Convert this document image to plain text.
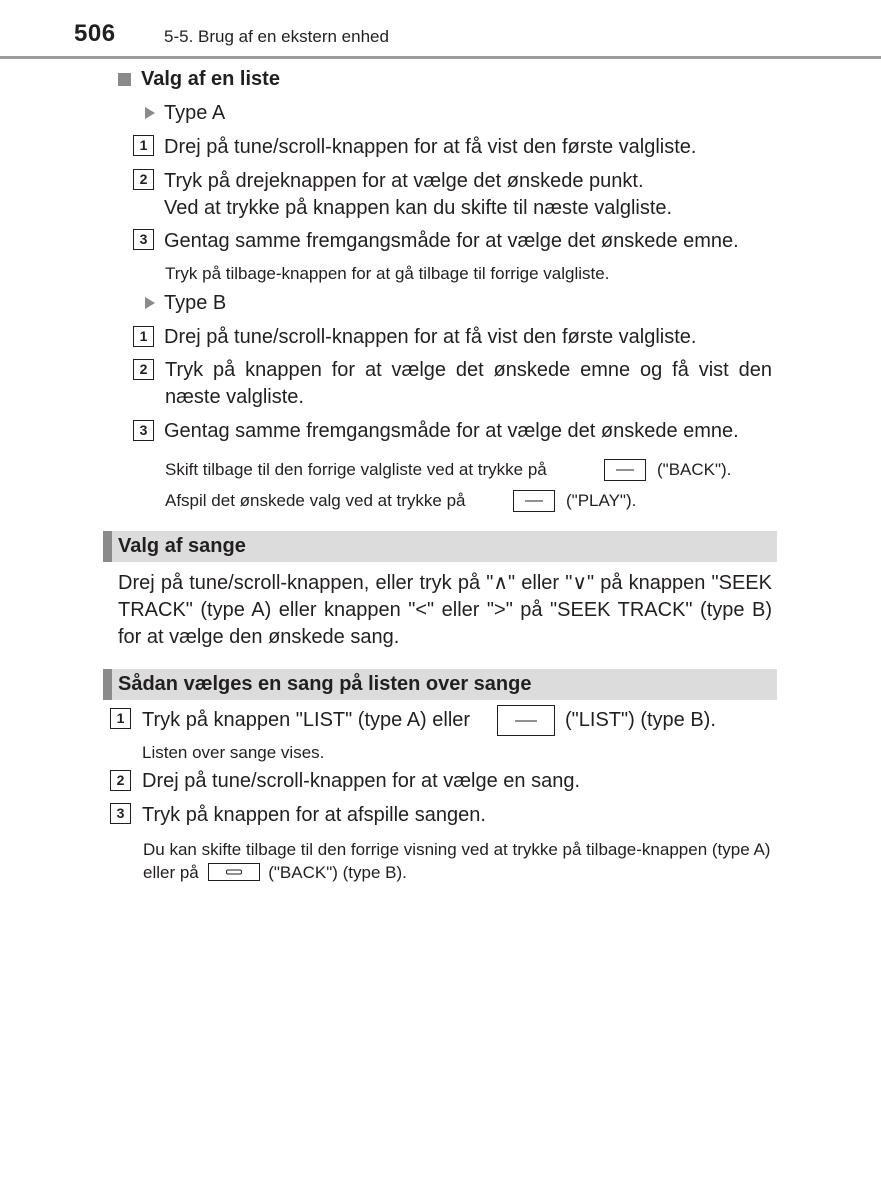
506	5-5. Brug af en ekstern enhed
Valg af en liste
Type A
1 Drej på tune/scroll-knappen for at få vist den første valgliste.
2 Tryk på drejeknappen for at vælge det ønskede punkt.
Ved at trykke på knappen kan du skifte til næste valgliste.
3 Gentag samme fremgangsmåde for at vælge det ønskede emne.
Tryk på tilbage-knappen for at gå tilbage til forrige valgliste.
Type B
1 Drej på tune/scroll-knappen for at få vist den første valgliste.
2 Tryk på knappen for at vælge det ønskede emne og få vist den næste valgliste.
3 Gentag samme fremgangsmåde for at vælge det ønskede emne.
Skift tilbage til den forrige valgliste ved at trykke på	("BACK").
Afspil det ønskede valg ved at trykke på	("PLAY").
Valg af sange
Drej på tune/scroll-knappen, eller tryk på "∧" eller "∨" på knappen "SEEK TRACK" (type A) eller knappen "<" eller ">" på "SEEK TRACK" (type B) for at vælge den ønskede sang.
Sådan vælges en sang på listen over sange
1 Tryk på knappen "LIST" (type A) eller	("LIST") (type B).
Listen over sange vises.
2 Drej på tune/scroll-knappen for at vælge en sang.
3 Tryk på knappen for at afspille sangen.
Du kan skifte tilbage til den forrige visning ved at trykke på tilbage-knappen (type A) eller på	("BACK") (type B).
